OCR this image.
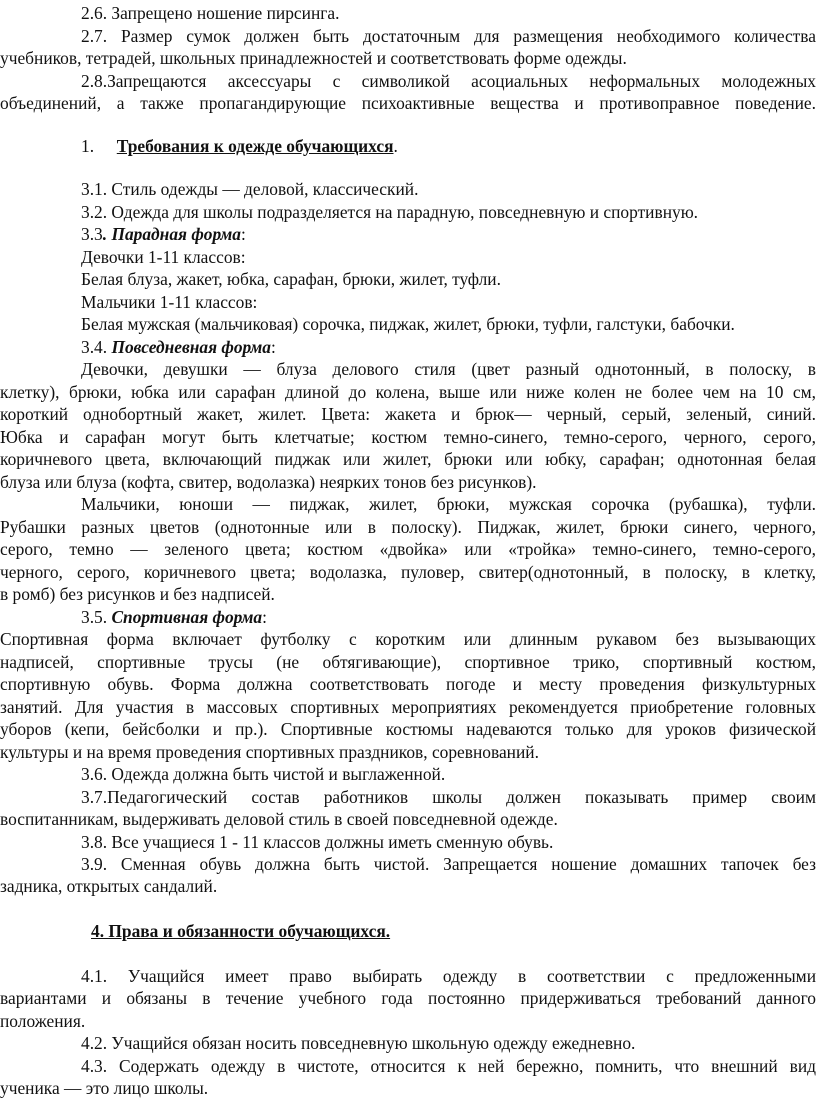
2.6. Запрещено ношение пирсинга.
2.7. Размер сумок должен быть достаточным для размещения необходимого количества
учебников, тетрадей, школьных принадлежностей и соответствовать форме одежды.
2.8.Запрещаются аксессуары с символикой асоциальных неформальных молодежных
объединений, а также пропагандирующие психоактивные вещества и противоправное поведение.
1. Требования к одежде обучающихся.
3.1. Стиль одежды — деловой, классический.
3.2. Одежда для школы подразделяется на парадную, повседневную и спортивную.
3.3. Парадная форма:
Девочки 1-11 классов:
Белая блуза, жакет, юбка, сарафан, брюки, жилет, туфли.
Мальчики 1-11 классов:
Белая мужская (мальчиковая) сорочка, пиджак, жилет, брюки, туфли, галстуки, бабочки.
3.4. Повседневная форма:
Девочки, девушки — блуза делового стиля (цвет разный однотонный, в полоску, в
клетку), брюки, юбка или сарафан длиной до колена, выше или ниже колен не более чем на 10 см,
короткий однобортный жакет, жилет. Цвета: жакета и брюк— черный, серый, зеленый, синий.
Юбка и сарафан могут быть клетчатые; костюм темно-синего, темно-серого, черного, серого,
коричневого цвета, включающий пиджак или жилет, брюки или юбку, сарафан; однотонная белая
блуза или блуза (кофта, свитер, водолазка) неярких тонов без рисунков).
Мальчики, юноши — пиджак, жилет, брюки, мужская сорочка (рубашка), туфли.
Рубашки разных цветов (однотонные или в полоску). Пиджак, жилет, брюки синего, черного,
серого, темно — зеленого цвета; костюм «двойка» или «тройка» темно-синего, темно-серого,
черного, серого, коричневого цвета; водолазка, пуловер, свитер(однотонный, в полоску, в клетку,
в ромб) без рисунков и без надписей.
3.5. Спортивная форма:
Спортивная форма включает футболку с коротким или длинным рукавом без вызывающих
надписей, спортивные трусы (не обтягивающие), спортивное трико, спортивный костюм,
спортивную обувь. Форма должна соответствовать погоде и месту проведения физкультурных
занятий. Для участия в массовых спортивных мероприятиях рекомендуется приобретение головных
уборов (кепи, бейсболки и пр.). Спортивные костюмы надеваются только для уроков физической
культуры и на время проведения спортивных праздников, соревнований.
3.6. Одежда должна быть чистой и выглаженной.
3.7.Педагогический состав работников школы должен показывать пример своим
воспитанникам, выдерживать деловой стиль в своей повседневной одежде.
3.8. Все учащиеся 1 - 11 классов должны иметь сменную обувь.
3.9. Сменная обувь должна быть чистой. Запрещается ношение домашних тапочек без
задника, открытых сандалий.
4. Права и обязанности обучающихся.
4.1. Учащийся имеет право выбирать одежду в соответствии с предложенными
вариантами и обязаны в течение учебного года постоянно придерживаться требований данного
положения.
4.2. Учащийся обязан носить повседневную школьную одежду ежедневно.
4.3. Содержать одежду в чистоте, относится к ней бережно, помнить, что внешний вид
ученика — это лицо школы.
